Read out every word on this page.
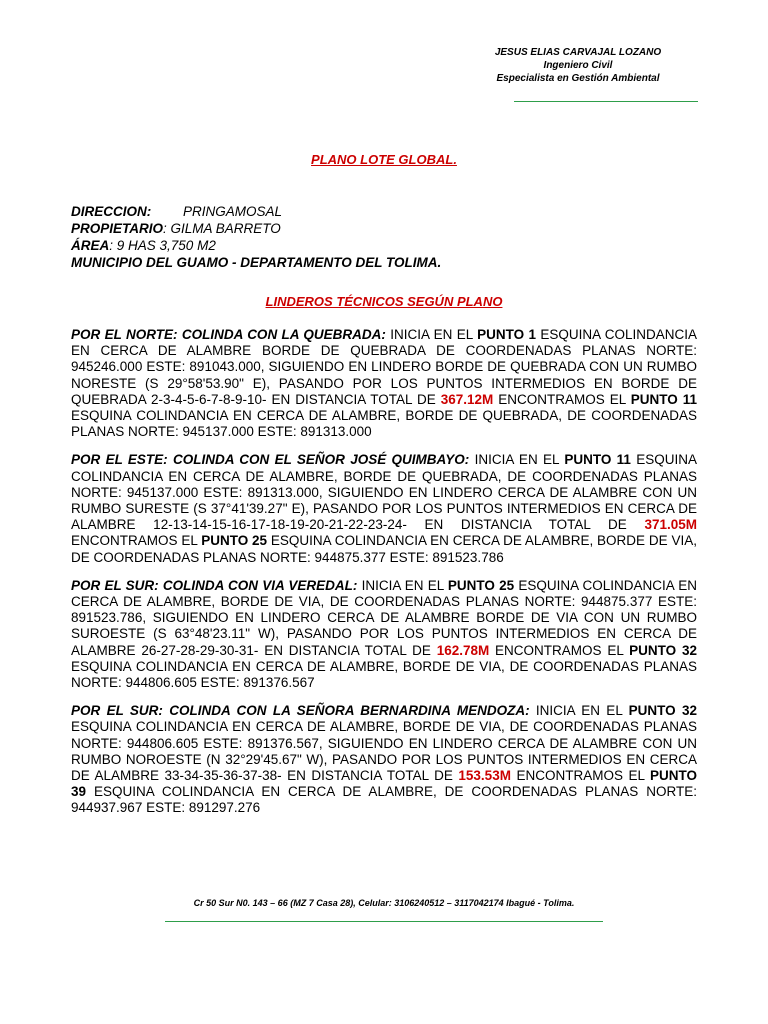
JESUS ELIAS CARVAJAL LOZANO
Ingeniero Civil
Especialista en Gestión Ambiental
PLANO LOTE GLOBAL.
DIRECCION: PRINGAMOSAL
PROPIETARIO: GILMA BARRETO
ÁREA: 9 HAS 3,750 M2
MUNICIPIO DEL GUAMO - DEPARTAMENTO DEL TOLIMA.
LINDEROS TÉCNICOS SEGÚN PLANO

POR EL NORTE: COLINDA CON LA QUEBRADA: INICIA EN EL PUNTO 1 ESQUINA COLINDANCIA EN CERCA DE ALAMBRE BORDE DE QUEBRADA DE COORDENADAS PLANAS NORTE: 945246.000 ESTE: 891043.000, SIGUIENDO EN LINDERO BORDE DE QUEBRADA CON UN RUMBO NORESTE (S 29°58'53.90" E), PASANDO POR LOS PUNTOS INTERMEDIOS EN BORDE DE QUEBRADA 2-3-4-5-6-7-8-9-10- EN DISTANCIA TOTAL DE 367.12M ENCONTRAMOS EL PUNTO 11 ESQUINA COLINDANCIA EN CERCA DE ALAMBRE, BORDE DE QUEBRADA, DE COORDENADAS PLANAS NORTE: 945137.000 ESTE: 891313.000

POR EL ESTE: COLINDA CON EL SEÑOR JOSÉ QUIMBAYO: INICIA EN EL PUNTO 11 ESQUINA COLINDANCIA EN CERCA DE ALAMBRE, BORDE DE QUEBRADA, DE COORDENADAS PLANAS NORTE: 945137.000 ESTE: 891313.000, SIGUIENDO EN LINDERO CERCA DE ALAMBRE CON UN RUMBO SURESTE (S 37°41'39.27" E), PASANDO POR LOS PUNTOS INTERMEDIOS EN CERCA DE ALAMBRE 12-13-14-15-16-17-18-19-20-21-22-23-24- EN DISTANCIA TOTAL DE 371.05M ENCONTRAMOS EL PUNTO 25 ESQUINA COLINDANCIA EN CERCA DE ALAMBRE, BORDE DE VIA, DE COORDENADAS PLANAS NORTE: 944875.377 ESTE: 891523.786

POR EL SUR: COLINDA CON VIA VEREDAL: INICIA EN EL PUNTO 25 ESQUINA COLINDANCIA EN CERCA DE ALAMBRE, BORDE DE VIA, DE COORDENADAS PLANAS NORTE: 944875.377 ESTE: 891523.786, SIGUIENDO EN LINDERO CERCA DE ALAMBRE BORDE DE VIA CON UN RUMBO SUROESTE (S 63°48'23.11" W), PASANDO POR LOS PUNTOS INTERMEDIOS EN CERCA DE ALAMBRE 26-27-28-29-30-31- EN DISTANCIA TOTAL DE 162.78M ENCONTRAMOS EL PUNTO 32 ESQUINA COLINDANCIA EN CERCA DE ALAMBRE, BORDE DE VIA, DE COORDENADAS PLANAS NORTE: 944806.605 ESTE: 891376.567

POR EL SUR: COLINDA CON LA SEÑORA BERNARDINA MENDOZA: INICIA EN EL PUNTO 32 ESQUINA COLINDANCIA EN CERCA DE ALAMBRE, BORDE DE VIA, DE COORDENADAS PLANAS NORTE: 944806.605 ESTE: 891376.567, SIGUIENDO EN LINDERO CERCA DE ALAMBRE CON UN RUMBO NOROESTE (N 32°29'45.67" W), PASANDO POR LOS PUNTOS INTERMEDIOS EN CERCA DE ALAMBRE 33-34-35-36-37-38- EN DISTANCIA TOTAL DE 153.53M ENCONTRAMOS EL PUNTO 39 ESQUINA COLINDANCIA EN CERCA DE ALAMBRE, DE COORDENADAS PLANAS NORTE: 944937.967 ESTE: 891297.276

Cr 50 Sur N0. 143 – 66 (MZ 7 Casa 28), Celular: 3106240512 – 3117042174 Ibagué - Tolima.
